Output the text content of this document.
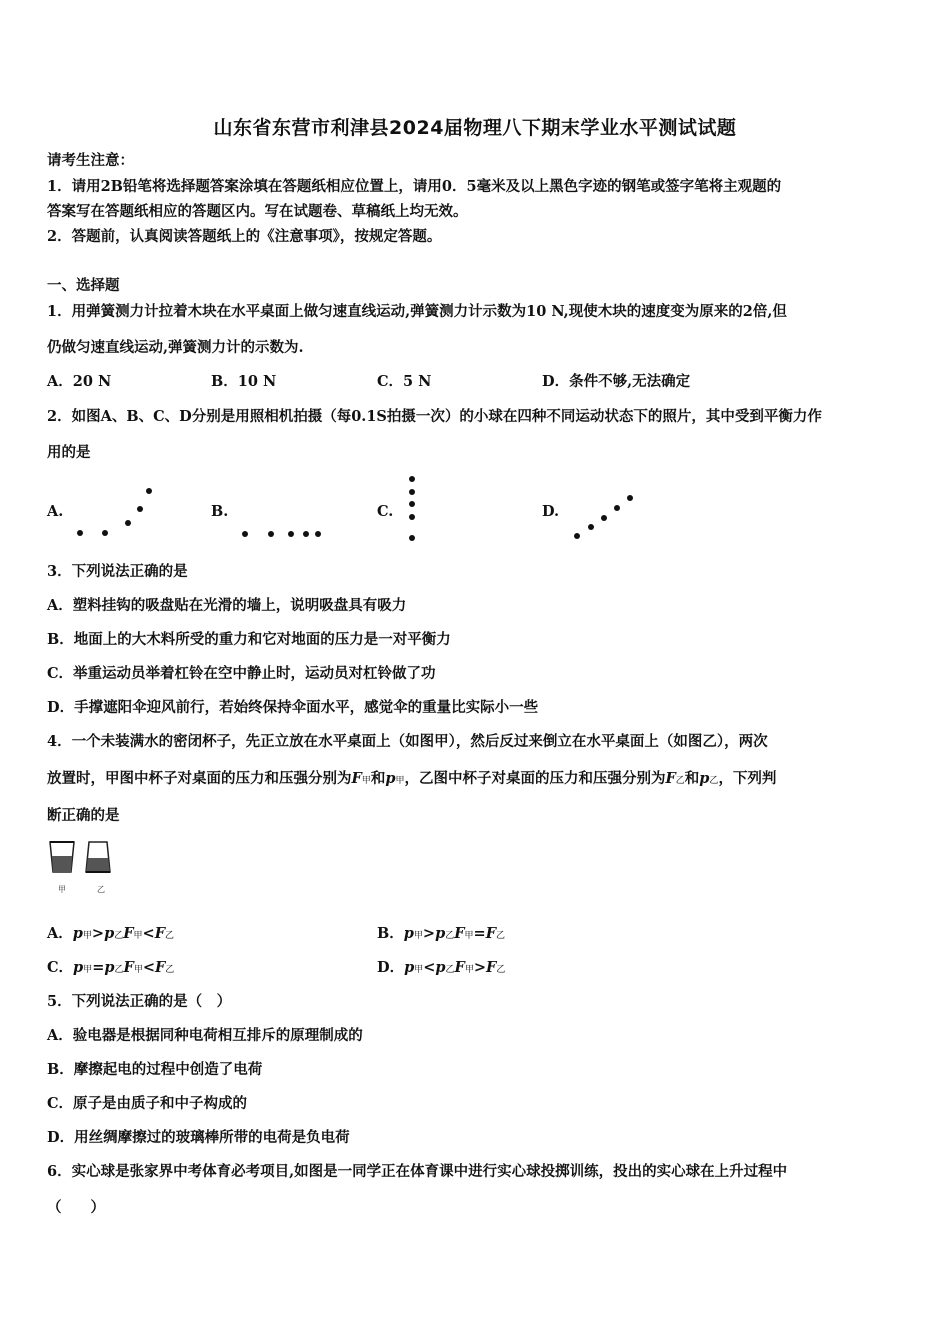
山东省东营市利津县2024届物理八下期末学业水平测试试题
请考生注意：
1．请用2B铅笔将选择题答案涂填在答题纸相应位置上，请用0．5毫米及以上黑色字迹的钢笔或签字笔将主观题的
答案写在答题纸相应的答题区内。写在试题卷、草稿纸上均无效。
2．答题前，认真阅读答题纸上的《注意事项》，按规定答题。
一、选择题
1．用弹簧测力计拉着木块在水平桌面上做匀速直线运动,弹簧测力计示数为10 N,现使木块的速度变为原来的2倍,但
仍做匀速直线运动,弹簧测力计的示数为.
A．20 N	B．10 N	C．5 N	D．条件不够,无法确定
2．如图A、B、C、D分别是用照相机拍摄（每0.1S拍摄一次）的小球在四种不同运动状态下的照片，其中受到平衡力作
用的是
A.	B.	C.	D.
3．下列说法正确的是
A．塑料挂钩的吸盘贴在光滑的墙上，说明吸盘具有吸力
B．地面上的大木料所受的重力和它对地面的压力是一对平衡力
C．举重运动员举着杠铃在空中静止时，运动员对杠铃做了功
D．手撑遮阳伞迎风前行，若始终保持伞面水平，感觉伞的重量比实际小一些
4．一个未装满水的密闭杯子，先正立放在水平桌面上（如图甲），然后反过来倒立在水平桌面上（如图乙），两次
放置时，甲图中杯子对桌面的压力和压强分别为F甲和p甲，乙图中杯子对桌面的压力和压强分别为F乙和p乙，下列判
断正确的是
甲	乙
A．p甲>p乙F甲<F乙	B．p甲>p乙F甲=F乙
C．p甲=p乙F甲<F乙	D．p甲<p乙F甲>F乙
5．下列说法正确的是（　）
A．验电器是根据同种电荷相互排斥的原理制成的
B．摩擦起电的过程中创造了电荷
C．原子是由质子和中子构成的
D．用丝绸摩擦过的玻璃棒所带的电荷是负电荷
6．实心球是张家界中考体育必考项目,如图是一同学正在体育课中进行实心球投掷训练，投出的实心球在上升过程中
（　　）
